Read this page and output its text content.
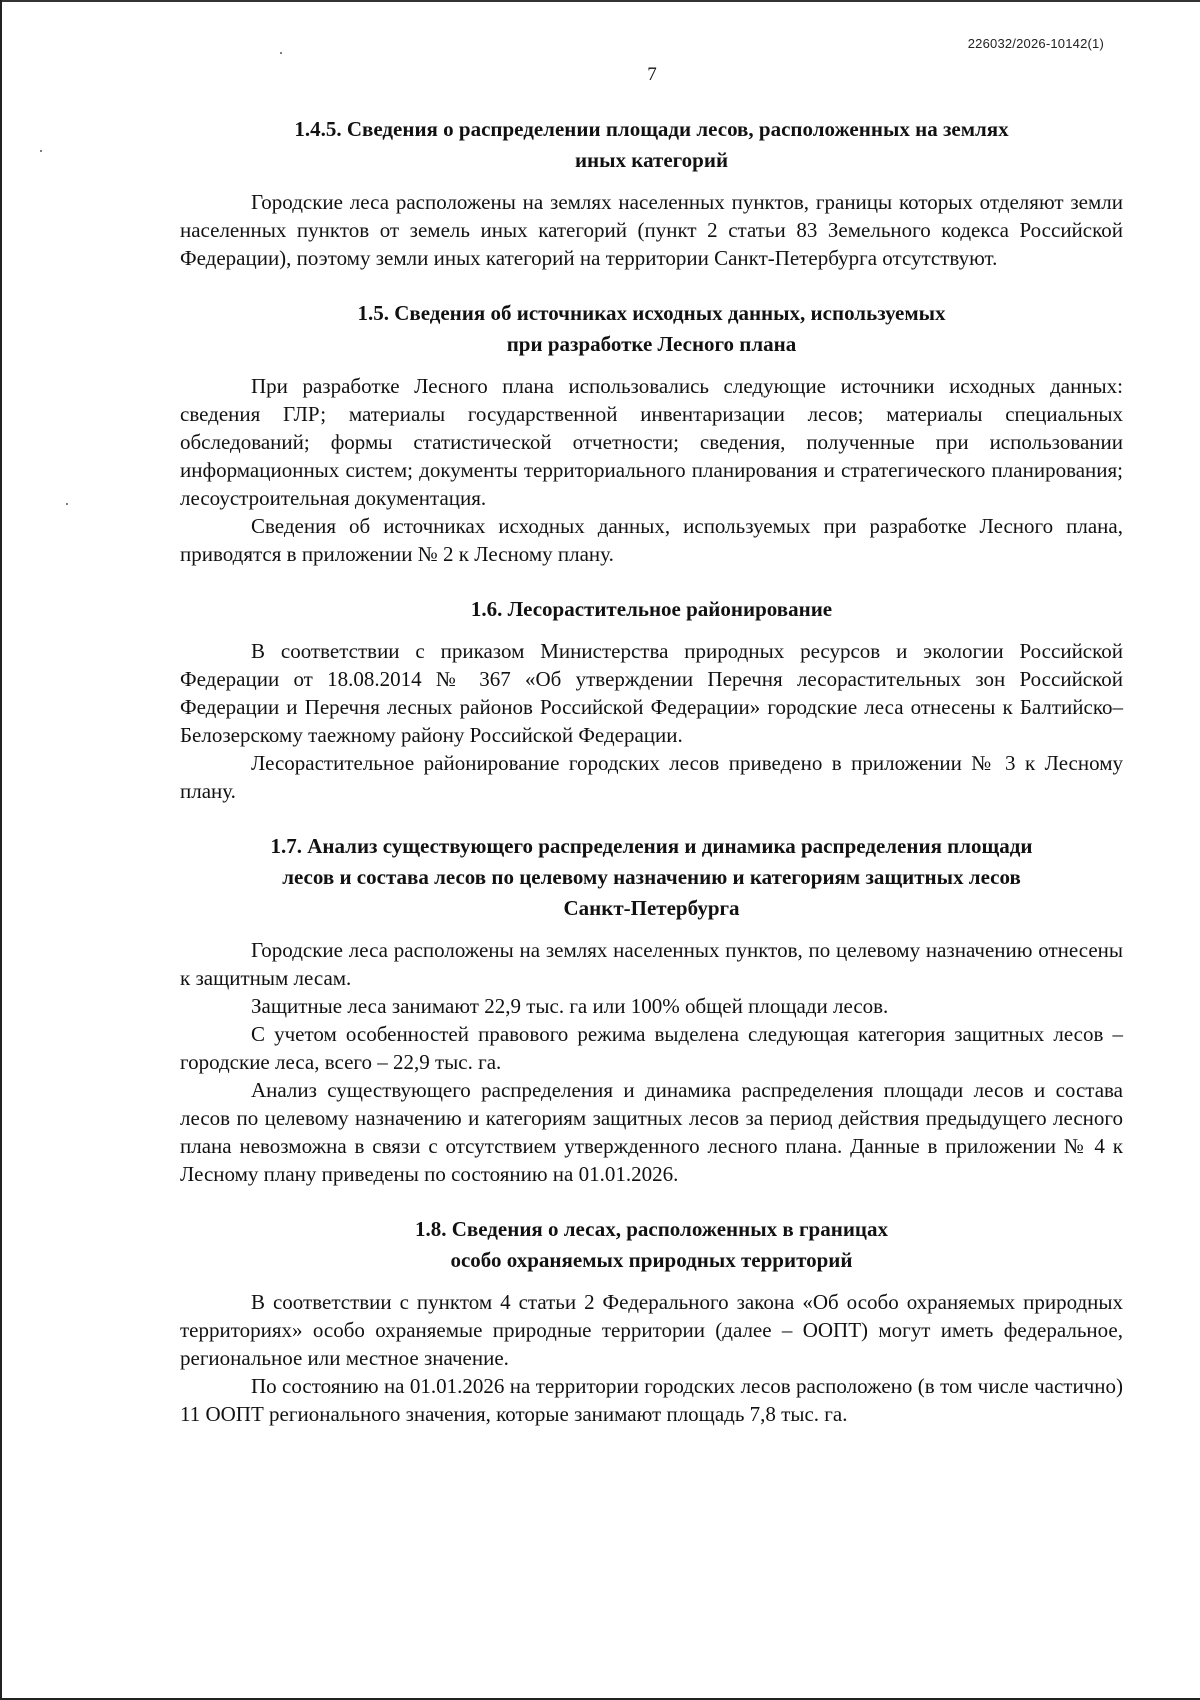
226032/2026-10142(1)
7
1.4.5. Сведения о распределении площади лесов, расположенных на землях
иных категорий

Городские леса расположены на землях населенных пунктов, границы которых отделяют земли населенных пунктов от земель иных категорий (пункт 2 статьи 83 Земельного кодекса Российской Федерации), поэтому земли иных категорий на территории Санкт-Петербурга отсутствуют.

1.5. Сведения об источниках исходных данных, используемых
при разработке Лесного плана

При разработке Лесного плана использовались следующие источники исходных данных: сведения ГЛР; материалы государственной инвентаризации лесов; материалы специальных обследований; формы статистической отчетности; сведения, полученные при использовании информационных систем; документы территориального планирования и стратегического планирования; лесоустроительная документация.

Сведения об источниках исходных данных, используемых при разработке Лесного плана, приводятся в приложении № 2 к Лесному плану.

1.6. Лесорастительное районирование

В соответствии с приказом Министерства природных ресурсов и экологии Российской Федерации от 18.08.2014 № 367 «Об утверждении Перечня лесорастительных зон Российской Федерации и Перечня лесных районов Российской Федерации» городские леса отнесены к Балтийско–Белозерскому таежному району Российской Федерации.

Лесорастительное районирование городских лесов приведено в приложении № 3 к Лесному плану.

1.7. Анализ существующего распределения и динамика распределения площади
лесов и состава лесов по целевому назначению и категориям защитных лесов
Санкт-Петербурга

Городские леса расположены на землях населенных пунктов, по целевому назначению отнесены к защитным лесам.

Защитные леса занимают 22,9 тыс. га или 100% общей площади лесов.

С учетом особенностей правового режима выделена следующая категория защитных лесов –городские леса, всего – 22,9 тыс. га.

Анализ существующего распределения и динамика распределения площади лесов и состава лесов по целевому назначению и категориям защитных лесов за период действия предыдущего лесного плана невозможна в связи с отсутствием утвержденного лесного плана. Данные в приложении № 4 к Лесному плану приведены по состоянию на 01.01.2026.

1.8. Сведения о лесах, расположенных в границах
особо охраняемых природных территорий

В соответствии с пунктом 4 статьи 2 Федерального закона «Об особо охраняемых природных территориях» особо охраняемые природные территории (далее – ООПТ) могут иметь федеральное, региональное или местное значение.

По состоянию на 01.01.2026 на территории городских лесов расположено (в том числе частично) 11 ООПТ регионального значения, которые занимают площадь 7,8 тыс. га.
